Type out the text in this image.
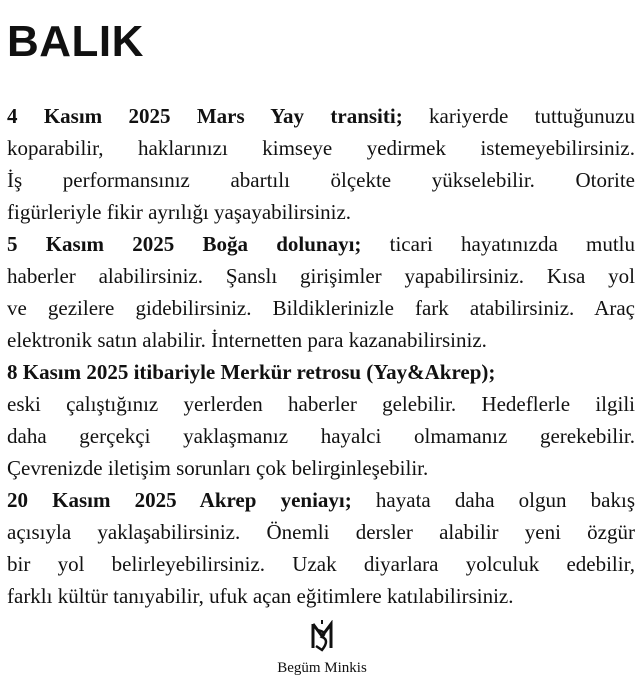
BALIK
4 Kasım 2025 Mars Yay transiti; kariyerde tuttuğunuzu
koparabilir, haklarınızı kimseye yedirmek istemeyebilirsiniz.
İş performansınız abartılı ölçekte yükselebilir. Otorite
figürleriyle fikir ayrılığı yaşayabilirsiniz.
5 Kasım 2025 Boğa dolunayı; ticari hayatınızda mutlu
haberler alabilirsiniz. Şanslı girişimler yapabilirsiniz. Kısa yol
ve gezilere gidebilirsiniz. Bildiklerinizle fark atabilirsiniz. Araç
elektronik satın alabilir. İnternetten para kazanabilirsiniz.
8 Kasım 2025 itibariyle Merkür retrosu (Yay&Akrep);
eski çalıştığınız yerlerden haberler gelebilir. Hedeflerle ilgili
daha gerçekçi yaklaşmanız hayalci olmamanız gerekebilir.
Çevrenizde iletişim sorunları çok belirginleşebilir.
20 Kasım 2025 Akrep yeniayı; hayata daha olgun bakış
açısıyla yaklaşabilirsiniz. Önemli dersler alabilir yeni özgür
bir yol belirleyebilirsiniz. Uzak diyarlara yolculuk edebilir,
farklı kültür tanıyabilir, ufuk açan eğitimlere katılabilirsiniz.
Begüm Minkis
